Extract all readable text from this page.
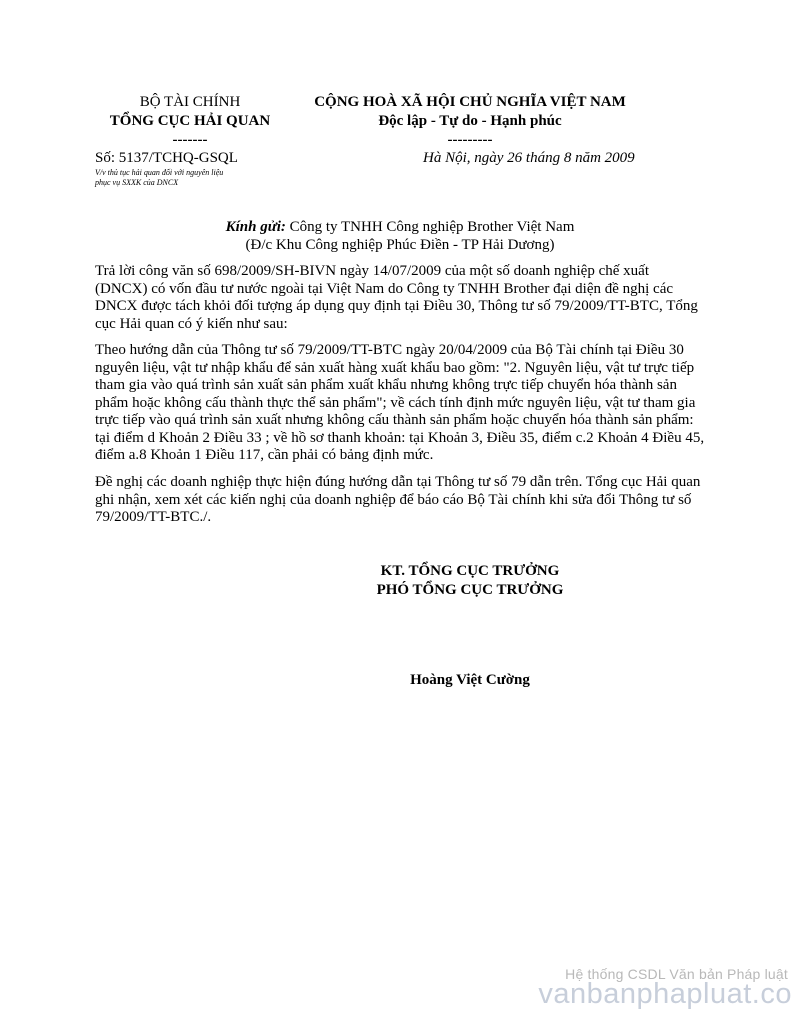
BỘ TÀI CHÍNH
TỔNG CỤC HẢI QUAN
-------
CỘNG HOÀ XÃ HỘI CHỦ NGHĨA VIỆT NAM
Độc lập - Tự do - Hạnh phúc
---------
Số: 5137/TCHQ-GSQL
V/v thủ tục hải quan đối với nguyên liệu
phục vụ SXXK của DNCX
Hà Nội, ngày 26 tháng 8 năm 2009
Kính gửi: Công ty TNHH Công nghiệp Brother Việt Nam
(Đ/c Khu Công nghiệp Phúc Điền - TP Hải Dương)

Trả lời công văn số 698/2009/SH-BIVN ngày 14/07/2009 của một số doanh nghiệp chế xuất (DNCX) có vốn đầu tư nước ngoài tại Việt Nam do Công ty TNHH Brother đại diện đề nghị các DNCX được tách khỏi đối tượng áp dụng quy định tại Điều 30, Thông tư số 79/2009/TT-BTC, Tổng cục Hải quan có ý kiến như sau:

Theo hướng dẫn của Thông tư số 79/2009/TT-BTC ngày 20/04/2009 của Bộ Tài chính tại Điều 30 nguyên liệu, vật tư nhập khẩu để sản xuất hàng xuất khẩu bao gồm: "2. Nguyên liệu, vật tư trực tiếp tham gia vào quá trình sản xuất sản phẩm xuất khẩu nhưng không trực tiếp chuyển hóa thành sản phẩm hoặc không cấu thành thực thể sản phẩm"; về cách tính định mức nguyên liệu, vật tư tham gia trực tiếp vào quá trình sản xuất nhưng không cấu thành sản phẩm hoặc chuyển hóa thành sản phẩm: tại điểm d Khoản 2 Điều 33 ; về hồ sơ thanh khoản: tại Khoản 3, Điều 35, điểm c.2 Khoản 4 Điều 45, điểm a.8 Khoản 1 Điều 117, cần phải có bảng định mức.

Đề nghị các doanh nghiệp thực hiện đúng hướng dẫn tại Thông tư số 79 dẫn trên. Tổng cục Hải quan ghi nhận, xem xét các kiến nghị của doanh nghiệp để báo cáo Bộ Tài chính khi sửa đổi Thông tư số 79/2009/TT-BTC./.

KT. TỔNG CỤC TRƯỞNG
PHÓ TỔNG CỤC TRƯỞNG
Hoàng Việt Cường
Hệ thống CSDL Văn bản Pháp luật
vanbanphapluat.co
